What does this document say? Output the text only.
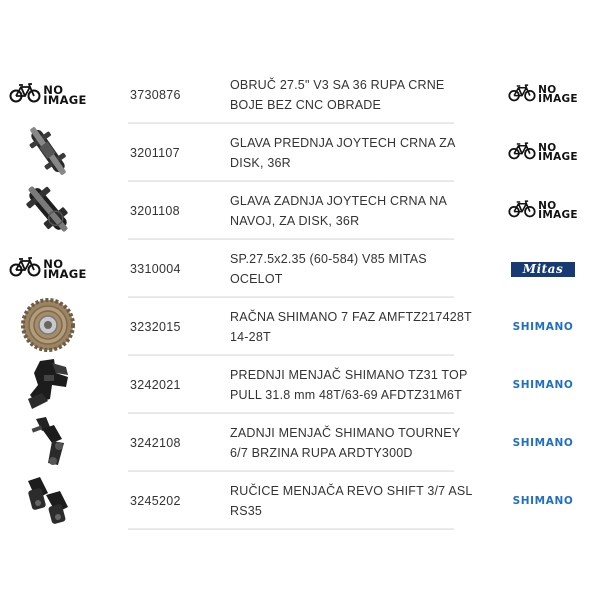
NO
IMAGE	3730876
OBRUČ 27.5" V3 SA 36 RUPA CRNE BOJE BEZ CNC OBRADE
NO
IMAGE
3201107
GLAVA PREDNJA JOYTECH CRNA ZA DISK, 36R
NO
IMAGE
3201108
GLAVA ZADNJA JOYTECH CRNA NA NAVOJ, ZA DISK, 36R
NO
IMAGE
NO
IMAGE	3310004
SP.27.5x2.35 (60-584) V85 MITAS OCELOT
Mitas
3232015
RAČNA SHIMANO 7 FAZ AMFTZ217428T 14-28T
SHIMANO
3242021
PREDNJI MENJAČ SHIMANO TZ31 TOP PULL 31.8 mm 48T/63-69 AFDTZ31M6T
SHIMANO
3242108
ZADNJI MENJAČ SHIMANO TOURNEY 6/7 BRZINA RUPA ARDTY300D
SHIMANO
3245202
RUČICE MENJAČA REVO SHIFT 3/7 ASL RS35
SHIMANO
